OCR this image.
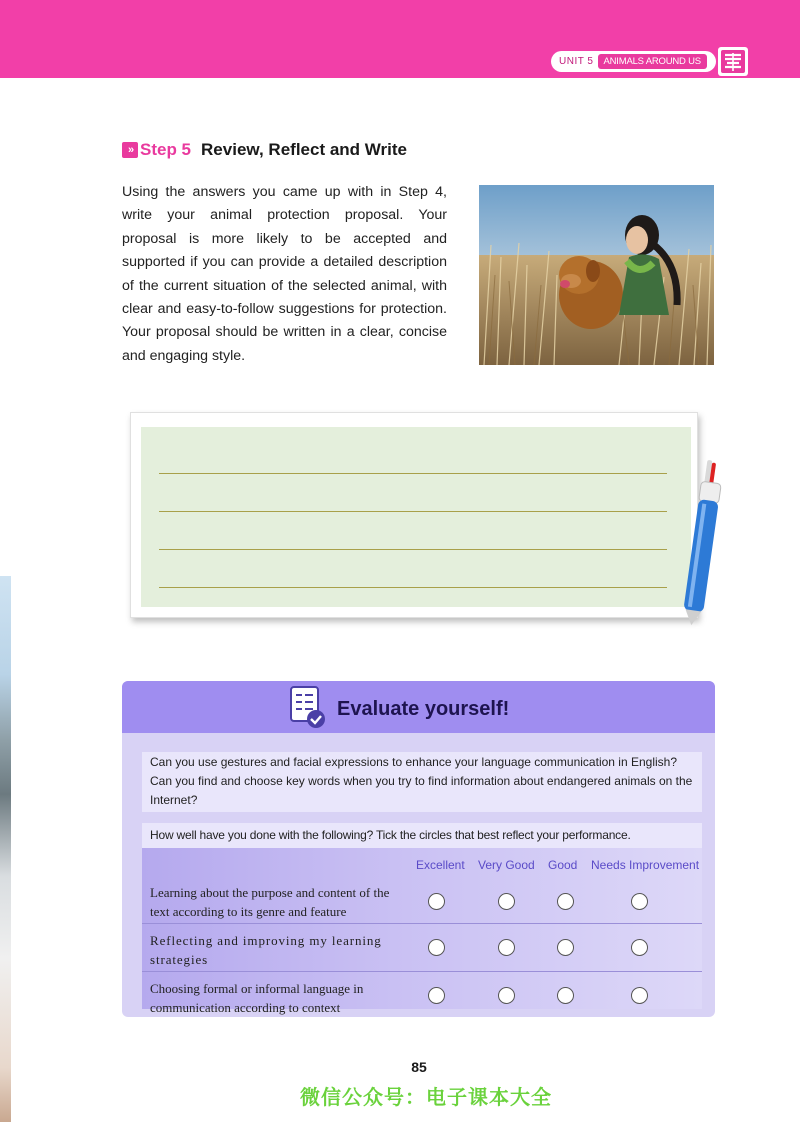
UNIT 5	ANIMALS AROUND US
» Step 5 Review, Reflect and Write

Using the answers you came up with in Step 4, write your animal protection proposal. Your proposal is more likely to be accepted and supported if you can provide a detailed description of the current situation of the selected animal, with clear and easy-to-follow suggestions for protection. Your proposal should be written in a clear, concise and engaging style.

Evaluate yourself!
Can you use gestures and facial expressions to enhance your language communication in English?
Can you find and choose key words when you try to find information about endangered animals on the Internet?
How well have you done with the following? Tick the circles that best reflect your performance.
Excellent Very Good Good Needs Improvement
Learning about the purpose and content of the text according to its genre and feature
Reflecting and improving my learning strategies
Choosing formal or informal language in communication according to context
85
微信公众号：电子课本大全
